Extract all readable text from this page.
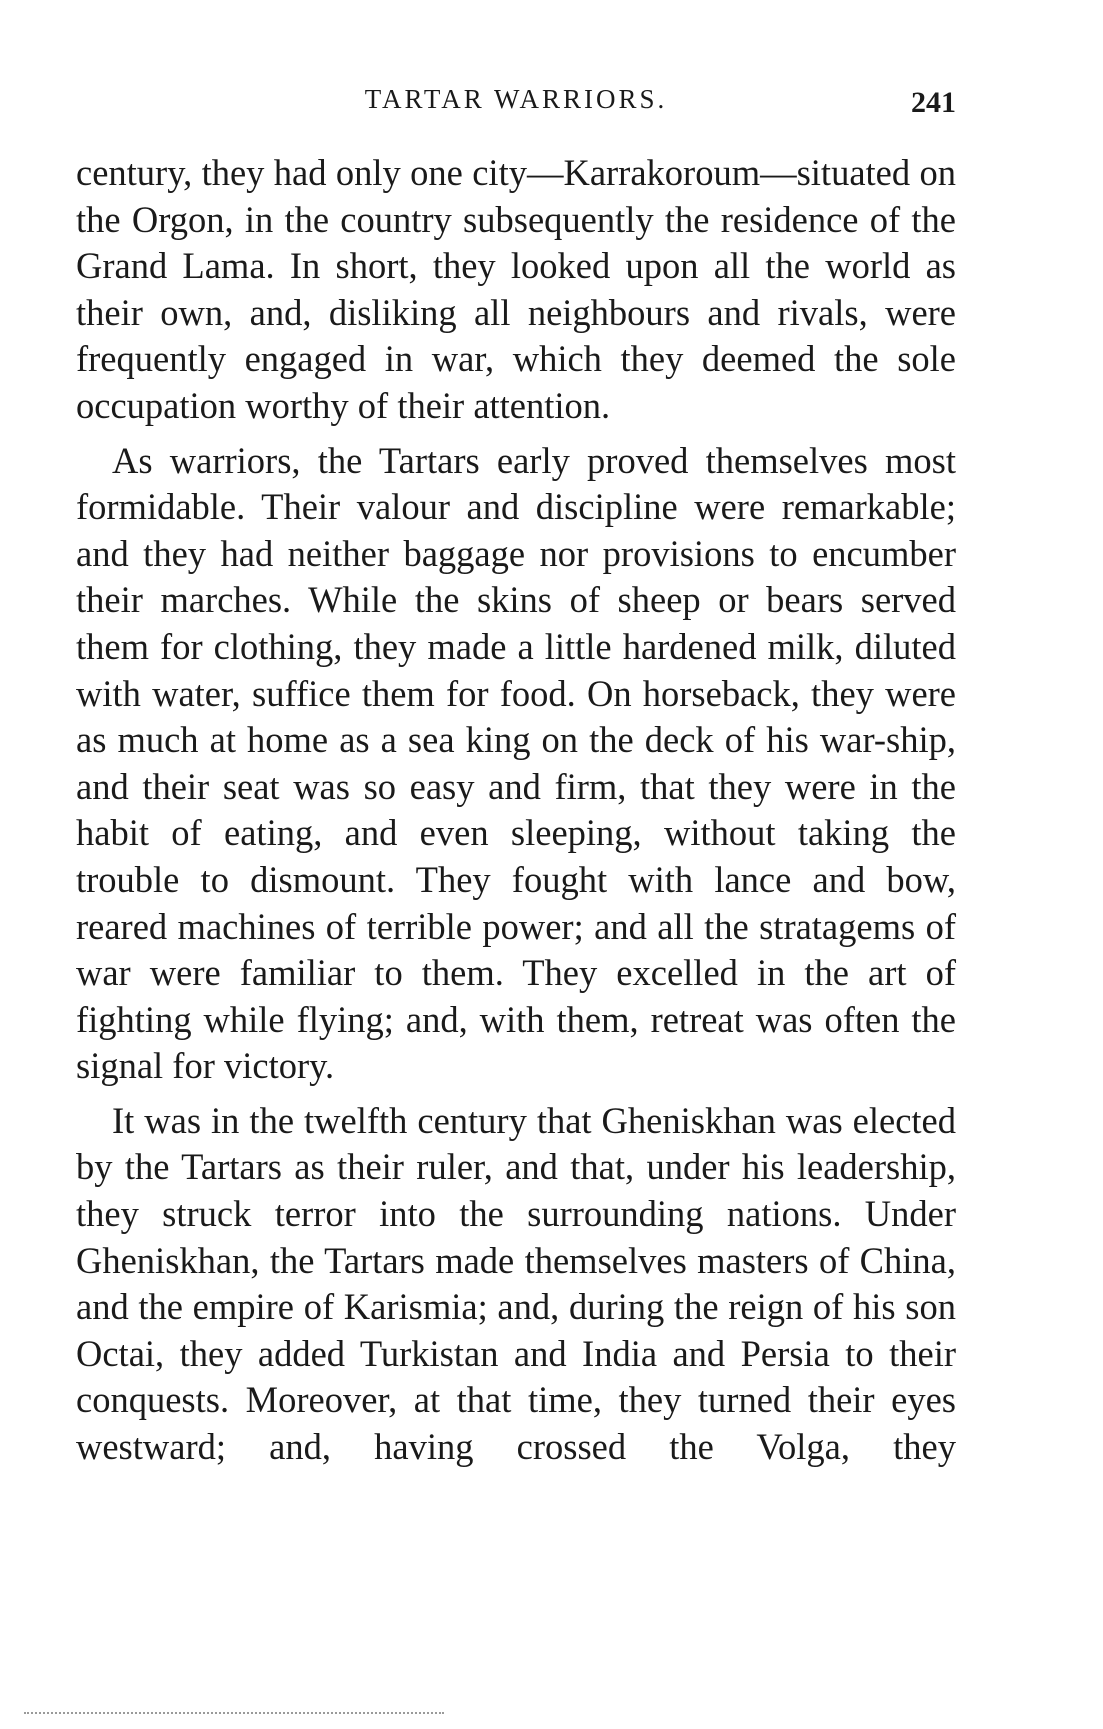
TARTAR WARRIORS.	241

century, they had only one city—Karrakoroum—situated on the Orgon, in the country subsequently the residence of the Grand Lama. In short, they looked upon all the world as their own, and, disliking all neighbours and rivals, were frequently engaged in war, which they deemed the sole occupation worthy of their attention.

As warriors, the Tartars early proved themselves most formidable. Their valour and discipline were remarkable; and they had neither baggage nor provisions to encumber their marches. While the skins of sheep or bears served them for clothing, they made a little hardened milk, diluted with water, suffice them for food. On horseback, they were as much at home as a sea king on the deck of his war-ship, and their seat was so easy and firm, that they were in the habit of eating, and even sleeping, without taking the trouble to dismount. They fought with lance and bow, reared machines of terrible power; and all the stratagems of war were familiar to them. They excelled in the art of fighting while flying; and, with them, retreat was often the signal for victory.

It was in the twelfth century that Gheniskhan was elected by the Tartars as their ruler, and that, under his leadership, they struck terror into the surrounding nations. Under Gheniskhan, the Tartars made themselves masters of China, and the empire of Karismia; and, during the reign of his son Octai, they added Turkistan and India and Persia to their conquests. Moreover, at that time, they turned their eyes westward; and, having crossed the Volga, they
